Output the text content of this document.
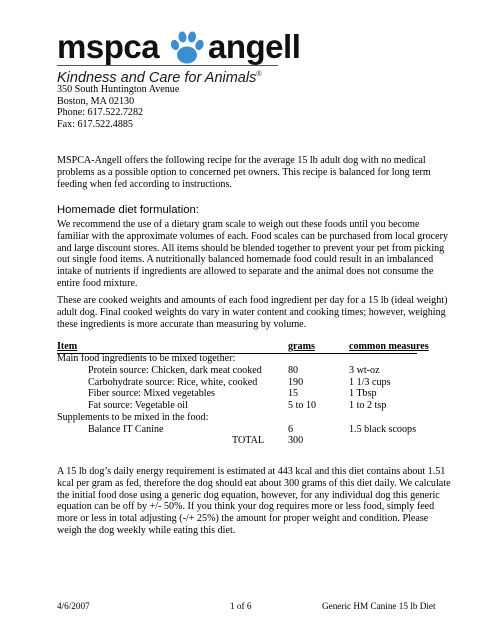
mspca angell
Kindness and Care for Animals®
350 South Huntington Avenue
Boston, MA 02130
Phone: 617.522.7282
Fax: 617.522.4885
MSPCA-Angell offers the following recipe for the average 15 lb adult dog with no medical problems as a possible option to concerned pet owners. This recipe is balanced for long term feeding when fed according to instructions.
Homemade diet formulation:
We recommend the use of a dietary gram scale to weigh out these foods until you become familiar with the approximate volumes of each. Food scales can be purchased from local grocery and large discount stores. All items should be blended together to prevent your pet from picking out single food items. A nutritionally balanced homemade food could result in an imbalanced intake of nutrients if ingredients are allowed to separate and the animal does not consume the entire food mixture.
These are cooked weights and amounts of each food ingredient per day for a 15 lb (ideal weight) adult dog. Final cooked weights do vary in water content and cooking times; however, weighing these ingredients is more accurate than measuring by volume.
Item	grams	common measures
Main food ingredients to be mixed together:
Protein source: Chicken, dark meat cooked	80	3 wt-oz
Carbohydrate source: Rice, white, cooked	190	1 1/3 cups
Fiber source: Mixed vegetables	15	1 Tbsp
Fat source: Vegetable oil	5 to 10	1 to 2 tsp
Supplements to be mixed in the food:
Balance IT Canine	6	1.5 black scoops
TOTAL 300
A 15 lb dog’s daily energy requirement is estimated at 443 kcal and this diet contains about 1.51 kcal per gram as fed, therefore the dog should eat about 300 grams of this diet daily. We calculate the initial food dose using a generic dog equation, however, for any individual dog this generic equation can be off by +/- 50%. If you think your dog requires more or less food, simply feed more or less in total adjusting (-/+ 25%) the amount for proper weight and condition. Please weigh the dog weekly while eating this diet.
4/6/2007	1 of 6	Generic HM Canine 15 lb Diet
